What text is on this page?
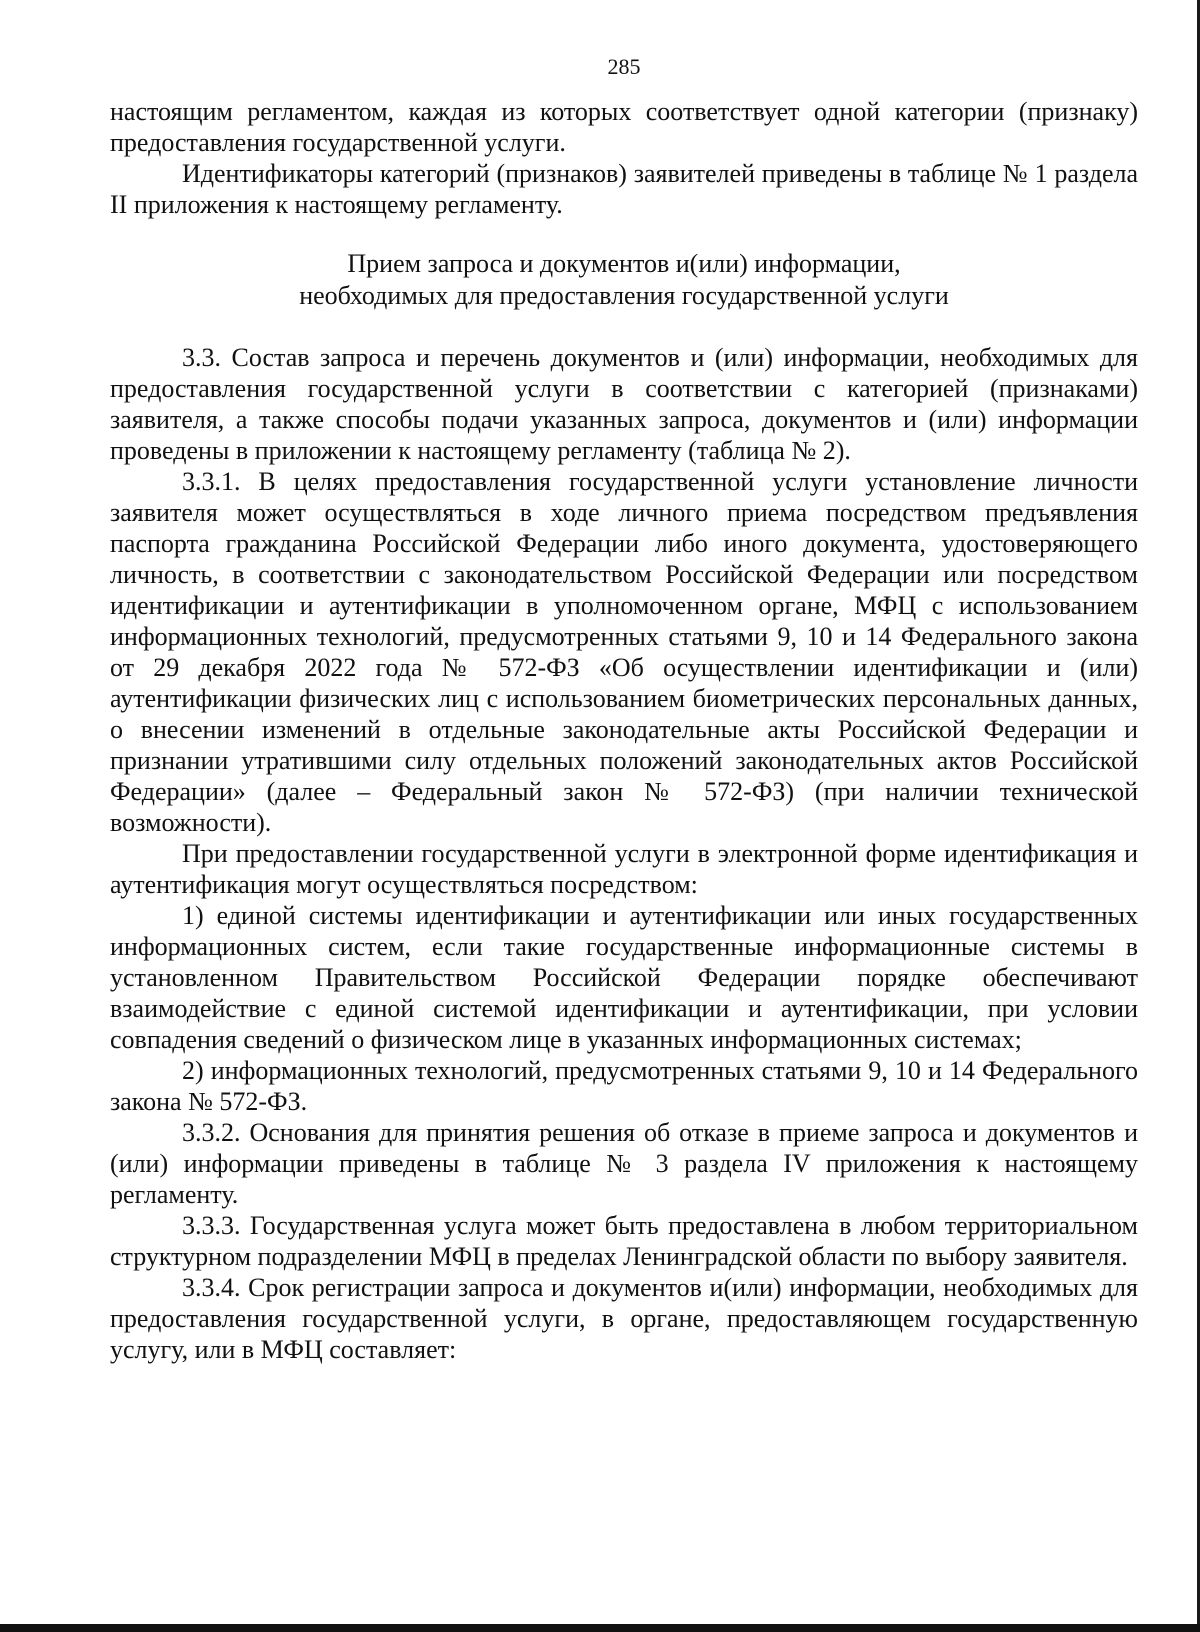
285

настоящим регламентом, каждая из которых соответствует одной категории (признаку) предоставления государственной услуги.

Идентификаторы категорий (признаков) заявителей приведены в таблице № 1 раздела II приложения к настоящему регламенту.

Прием запроса и документов и(или) информации,
необходимых для предоставления государственной услуги

3.3. Состав запроса и перечень документов и (или) информации, необходимых для предоставления государственной услуги в соответствии с категорией (признаками) заявителя, а также способы подачи указанных запроса, документов и (или) информации проведены в приложении к настоящему регламенту (таблица № 2).

3.3.1. В целях предоставления государственной услуги установление личности заявителя может осуществляться в ходе личного приема посредством предъявления паспорта гражданина Российской Федерации либо иного документа, удостоверяющего личность, в соответствии с законодательством Российской Федерации или посредством идентификации и аутентификации в уполномоченном органе, МФЦ с использованием информационных технологий, предусмотренных статьями 9, 10 и 14 Федерального закона от 29 декабря 2022 года № 572-ФЗ «Об осуществлении идентификации и (или) аутентификации физических лиц с использованием биометрических персональных данных, о внесении изменений в отдельные законодательные акты Российской Федерации и признании утратившими силу отдельных положений законодательных актов Российской Федерации» (далее – Федеральный закон № 572-ФЗ) (при наличии технической возможности).

При предоставлении государственной услуги в электронной форме идентификация и аутентификация могут осуществляться посредством:

1) единой системы идентификации и аутентификации или иных государственных информационных систем, если такие государственные информационные системы в установленном Правительством Российской Федерации порядке обеспечивают взаимодействие с единой системой идентификации и аутентификации, при условии совпадения сведений о физическом лице в указанных информационных системах;

2) информационных технологий, предусмотренных статьями 9, 10 и 14 Федерального закона № 572-ФЗ.

3.3.2. Основания для принятия решения об отказе в приеме запроса и документов и (или) информации приведены в таблице № 3 раздела IV приложения к настоящему регламенту.

3.3.3. Государственная услуга может быть предоставлена в любом территориальном структурном подразделении МФЦ в пределах Ленинградской области по выбору заявителя.

3.3.4. Срок регистрации запроса и документов и(или) информации, необходимых для предоставления государственной услуги, в органе, предоставляющем государственную услугу, или в МФЦ составляет:
